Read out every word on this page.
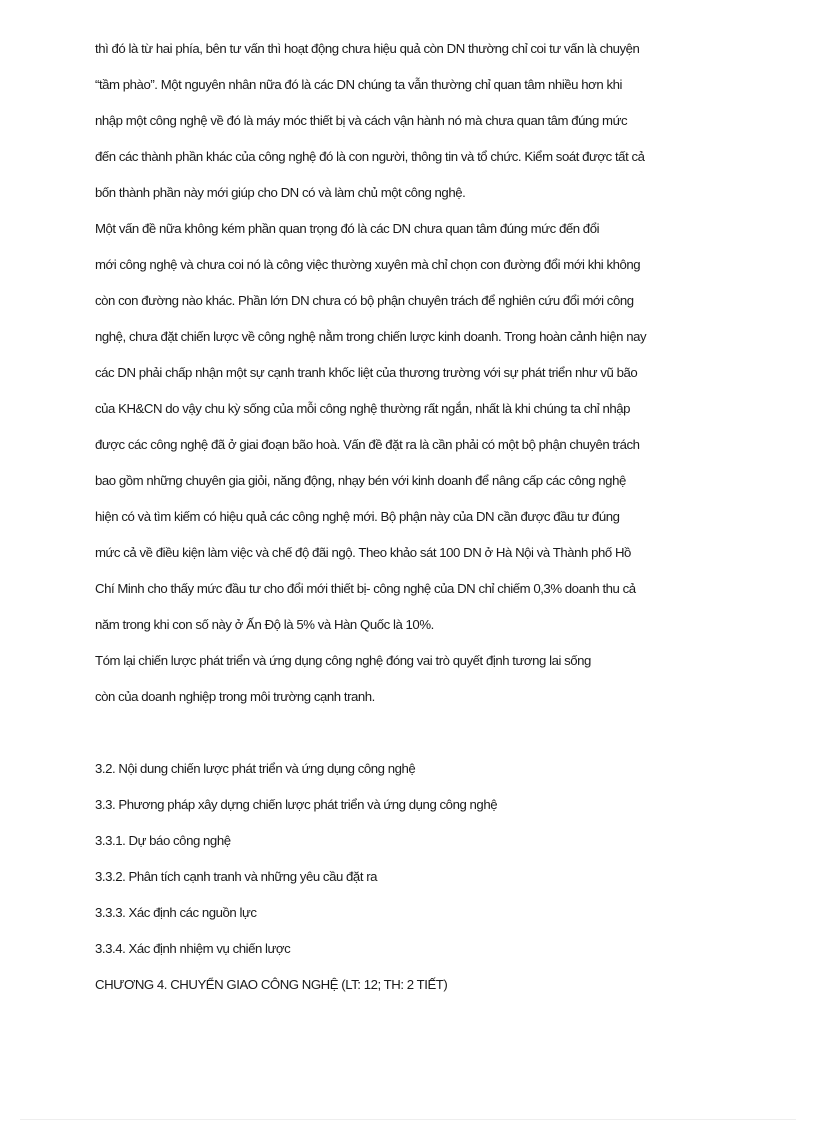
thì đó là từ hai phía, bên tư vấn thì hoạt động chưa hiệu quả còn DN thường chỉ coi tư vấn là chuyện
“tầm phào”. Một nguyên nhân nữa đó là các DN chúng ta vẫn thường chỉ quan tâm nhiều hơn khi
nhập một công nghệ về đó là máy móc thiết bị và cách vận hành nó mà chưa quan tâm đúng mức
đến các thành phần khác của công nghệ đó là con người, thông tin và tổ chức. Kiểm soát được tất cả
bốn thành phần này mới giúp cho DN có và làm chủ một công nghệ.
Một vấn đề nữa không kém phần quan trọng đó là các DN chưa quan tâm đúng mức đến đổi
mới công nghệ và chưa coi nó là công việc thường xuyên mà chỉ chọn con đường đổi mới khi không
còn con đường nào khác. Phần lớn DN chưa có bộ phận chuyên trách để nghiên cứu đổi mới công
nghệ, chưa đặt chiến lược về công nghệ nằm trong chiến lược kinh doanh. Trong hoàn cảnh hiện nay
các DN phải chấp nhận một sự cạnh tranh khốc liệt của thương trường với sự phát triển như vũ bão
của KH&CN do vậy chu kỳ sống của mỗi công nghệ thường rất ngắn, nhất là khi chúng ta chỉ nhập
được các công nghệ đã ở giai đoạn bão hoà. Vấn đề đặt ra là cần phải có một bộ phận chuyên trách
bao gồm những chuyên gia giỏi, năng động, nhạy bén với kinh doanh để nâng cấp các công nghệ
hiện có và tìm kiếm có hiệu quả các công nghệ mới. Bộ phận này của DN cần được đầu tư đúng
mức cả về điều kiện làm việc và chế độ đãi ngộ. Theo khảo sát 100 DN ở Hà Nội và Thành phố Hồ
Chí Minh cho thấy mức đầu tư cho đổi mới thiết bị- công nghệ của DN chỉ chiếm 0,3% doanh thu cả
năm trong khi con số này ở Ấn Độ là 5% và Hàn Quốc là 10%.
Tóm lại chiến lược phát triển và ứng dụng công nghệ đóng vai trò quyết định tương lai sống
còn của doanh nghiệp trong môi trường cạnh tranh.
3.2. Nội dung chiến lược phát triển và ứng dụng công nghệ
3.3. Phương pháp xây dựng chiến lược phát triển và ứng dụng công nghệ
3.3.1. Dự báo công nghệ
3.3.2. Phân tích cạnh tranh và những yêu cầu đặt ra
3.3.3. Xác định các nguồn lực
3.3.4. Xác định nhiệm vụ chiến lược
CHƯƠNG 4. CHUYỂN GIAO CÔNG NGHỆ (LT: 12; TH: 2 TIẾT)
